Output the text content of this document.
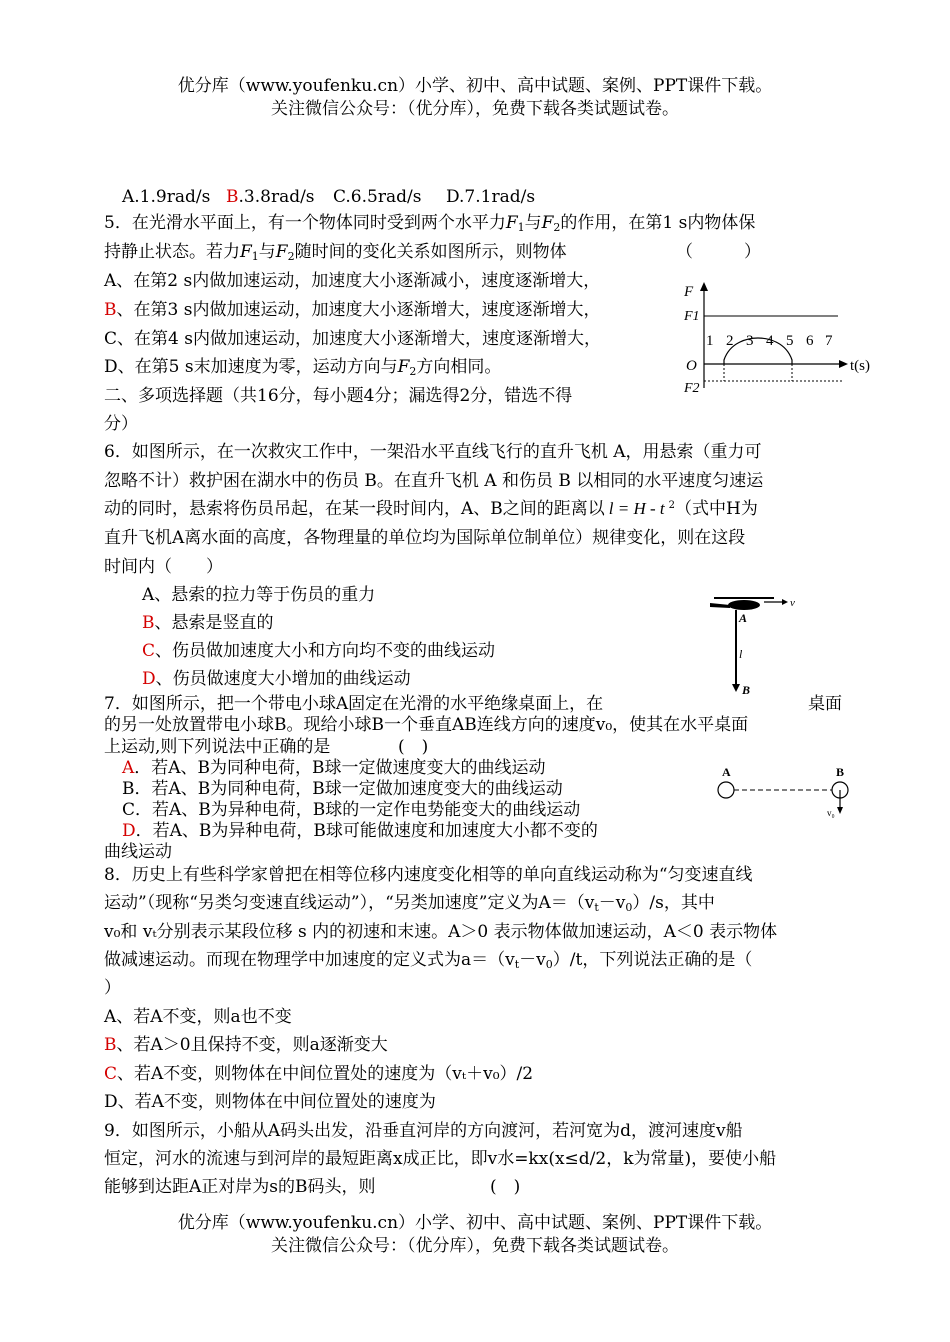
优分库（www.youfenku.cn）小学、初中、高中试题、案例、PPT课件下载。
关注微信公众号：（优分库），免费下载各类试题试卷。
A.1.9rad/s B.3.8rad/s C.6.5rad/s D.7.1rad/s
5．在光滑水平面上，有一个物体同时受到两个水平力$F_1$与$F_2$的作用，在第1 s内物体保
持静止状态。若力$F_1$与$F_2$随时间的变化关系如图所示，则物体	（　　　）
A、在第2 s内做加速运动，加速度大小逐渐减小，速度逐渐增大，
B、在第3 s内做加速运动，加速度大小逐渐增大，速度逐渐增大，
C、在第4 s内做加速运动，加速度大小逐渐增大，速度逐渐增大，
D、在第5 s末加速度为零，运动方向与$F_2$方向相同。
F
F1
F2
O	t(s)
1 2 3 4 5 6 7
二、多项选择题（共16分，每小题4分；漏选得2分，错选不得
分）
6．如图所示，在一次救灾工作中，一架沿水平直线飞行的直升飞机 A，用悬索（重力可
忽略不计）救护困在湖水中的伤员 B。在直升飞机 A 和伤员 B 以相同的水平速度匀速运
动的同时，悬索将伤员吊起，在某一段时间内，A、B之间的距离以 l = H - t $^2$（式中H为
直升飞机A离水面的高度，各物理量的单位均为国际单位制单位）规律变化，则在这段
时间内（　　）
A、悬索的拉力等于伤员的重力
B、悬索是竖直的
C、伤员做加速度大小和方向均不变的曲线运动
D、伤员做速度大小增加的曲线运动
v
A
l
B
7．如图所示，把一个带电小球A固定在光滑的水平绝缘桌面上，在	桌面
的另一处放置带电小球B。现给小球B一个垂直AB连线方向的速度v₀，使其在水平桌面
上运动,则下列说法中正确的是	(　)
A．若A、B为同种电荷，B球一定做速度变大的曲线运动
B．若A、B为同种电荷，B球一定做加速度变大的曲线运动
C．若A、B为异种电荷，B球的一定作电势能变大的曲线运动
D．若A、B为异种电荷，B球可能做速度和加速度大小都不变的
曲线运动
A	B
v₀
8．历史上有些科学家曾把在相等位移内速度变化相等的单向直线运动称为“匀变速直线
运动”（现称“另类匀变速直线运动”），“另类加速度”定义为$A=(v_t-v_0)/s$，其中
v₀和 vₜ分别表示某段位移 s 内的初速和末速。A＞0 表示物体做加速运动，A＜0 表示物体
做减速运动。而现在物理学中加速度的定义式为$a=(v_t-v_0)/t$，下列说法正确的是（
）
A、若A不变，则a也不变
B、若A＞0且保持不变，则a逐渐变大
C、若A不变，则物体在中间位置处的速度为（vₜ＋v₀）/2
D、若A不变，则物体在中间位置处的速度为
9．如图所示，小船从A码头出发，沿垂直河岸的方向渡河，若河宽为d，渡河速度v船
恒定，河水的流速与到河岸的最短距离x成正比，即v水=kx(x≤d/2，k为常量)，要使小船
能够到达距A正对岸为s的B码头，则	(　)
优分库（www.youfenku.cn）小学、初中、高中试题、案例、PPT课件下载。
关注微信公众号：（优分库），免费下载各类试题试卷。
